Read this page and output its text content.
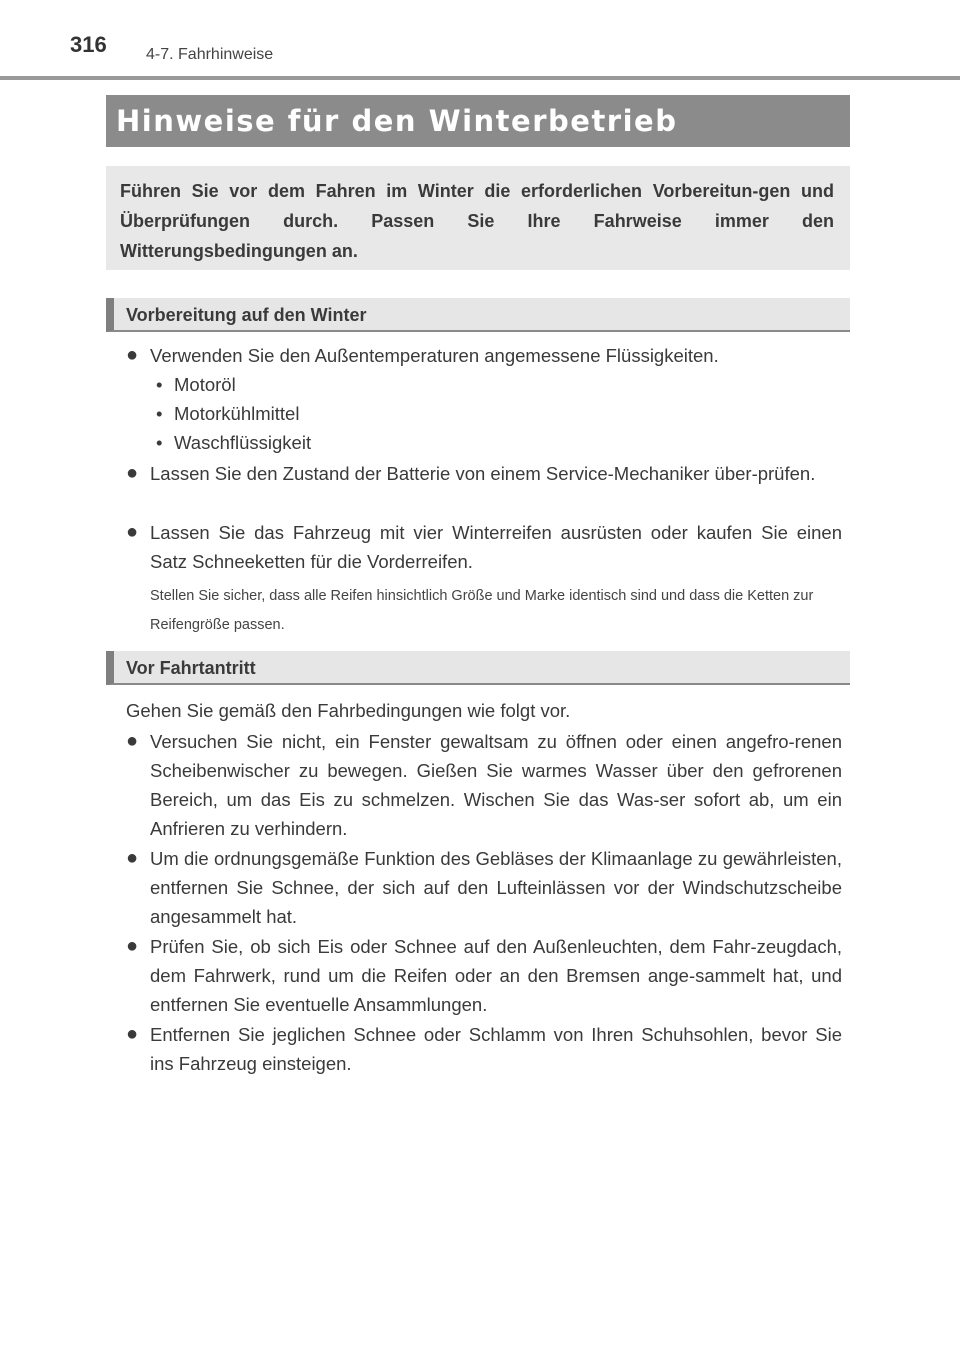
316 4-7. Fahrhinweise
Hinweise für den Winterbetrieb
Führen Sie vor dem Fahren im Winter die erforderlichen Vorbereitun-gen und Überprüfungen durch. Passen Sie Ihre Fahrweise immer den Witterungsbedingungen an.
Vorbereitung auf den Winter
● Verwenden Sie den Außentemperaturen angemessene Flüssigkeiten.
• Motoröl
• Motorkühlmittel
• Waschflüssigkeit
● Lassen Sie den Zustand der Batterie von einem Service-Mechaniker über-prüfen.
● Lassen Sie das Fahrzeug mit vier Winterreifen ausrüsten oder kaufen Sie einen Satz Schneeketten für die Vorderreifen.
Stellen Sie sicher, dass alle Reifen hinsichtlich Größe und Marke identisch sind und dass die Ketten zur Reifengröße passen.
Vor Fahrtantritt
Gehen Sie gemäß den Fahrbedingungen wie folgt vor.
● Versuchen Sie nicht, ein Fenster gewaltsam zu öffnen oder einen angefro-renen Scheibenwischer zu bewegen. Gießen Sie warmes Wasser über den gefrorenen Bereich, um das Eis zu schmelzen. Wischen Sie das Was-ser sofort ab, um ein Anfrieren zu verhindern.
● Um die ordnungsgemäße Funktion des Gebläses der Klimaanlage zu gewährleisten, entfernen Sie Schnee, der sich auf den Lufteinlässen vor der Windschutzscheibe angesammelt hat.
● Prüfen Sie, ob sich Eis oder Schnee auf den Außenleuchten, dem Fahr-zeugdach, dem Fahrwerk, rund um die Reifen oder an den Bremsen ange-sammelt hat, und entfernen Sie eventuelle Ansammlungen.
● Entfernen Sie jeglichen Schnee oder Schlamm von Ihren Schuhsohlen, bevor Sie ins Fahrzeug einsteigen.
